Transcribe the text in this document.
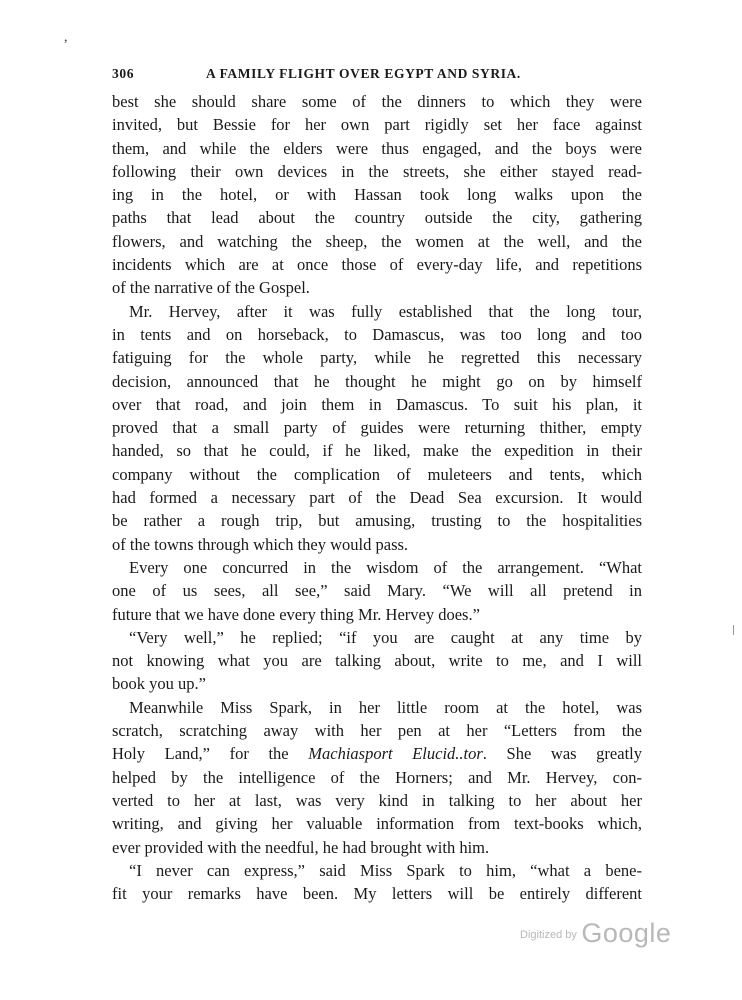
,
306	A FAMILY FLIGHT OVER EGYPT AND SYRIA.
best she should share some of the dinners to which they were
invited, but Bessie for her own part rigidly set her face against
them, and while the elders were thus engaged, and the boys were
following their own devices in the streets, she either stayed read-
ing in the hotel, or with Hassan took long walks upon the
paths that lead about the country outside the city, gathering
flowers, and watching the sheep, the women at the well, and the
incidents which are at once those of every-day life, and repetitions
of the narrative of the Gospel.
Mr. Hervey, after it was fully established that the long tour,
in tents and on horseback, to Damascus, was too long and too
fatiguing for the whole party, while he regretted this necessary
decision, announced that he thought he might go on by himself
over that road, and join them in Damascus. To suit his plan, it
proved that a small party of guides were returning thither, empty
handed, so that he could, if he liked, make the expedition in their
company without the complication of muleteers and tents, which
had formed a necessary part of the Dead Sea excursion. It would
be rather a rough trip, but amusing, trusting to the hospitalities
of the towns through which they would pass.
Every one concurred in the wisdom of the arrangement. “What
one of us sees, all see,” said Mary. “We will all pretend in
future that we have done every thing Mr. Hervey does.”
“Very well,” he replied; “if you are caught at any time by
not knowing what you are talking about, write to me, and I will
book you up.”
Meanwhile Miss Spark, in her little room at the hotel, was
scratch, scratching away with her pen at her “Letters from the
Holy Land,” for the Machiasport Elucid..tor. She was greatly
helped by the intelligence of the Horners; and Mr. Hervey, con-
verted to her at last, was very kind in talking to her about her
writing, and giving her valuable information from text-books which,
ever provided with the needful, he had brought with him.
“I never can express,” said Miss Spark to him, “what a bene-
fit your remarks have been. My letters will be entirely different
$^{Digitized by}$ Google
